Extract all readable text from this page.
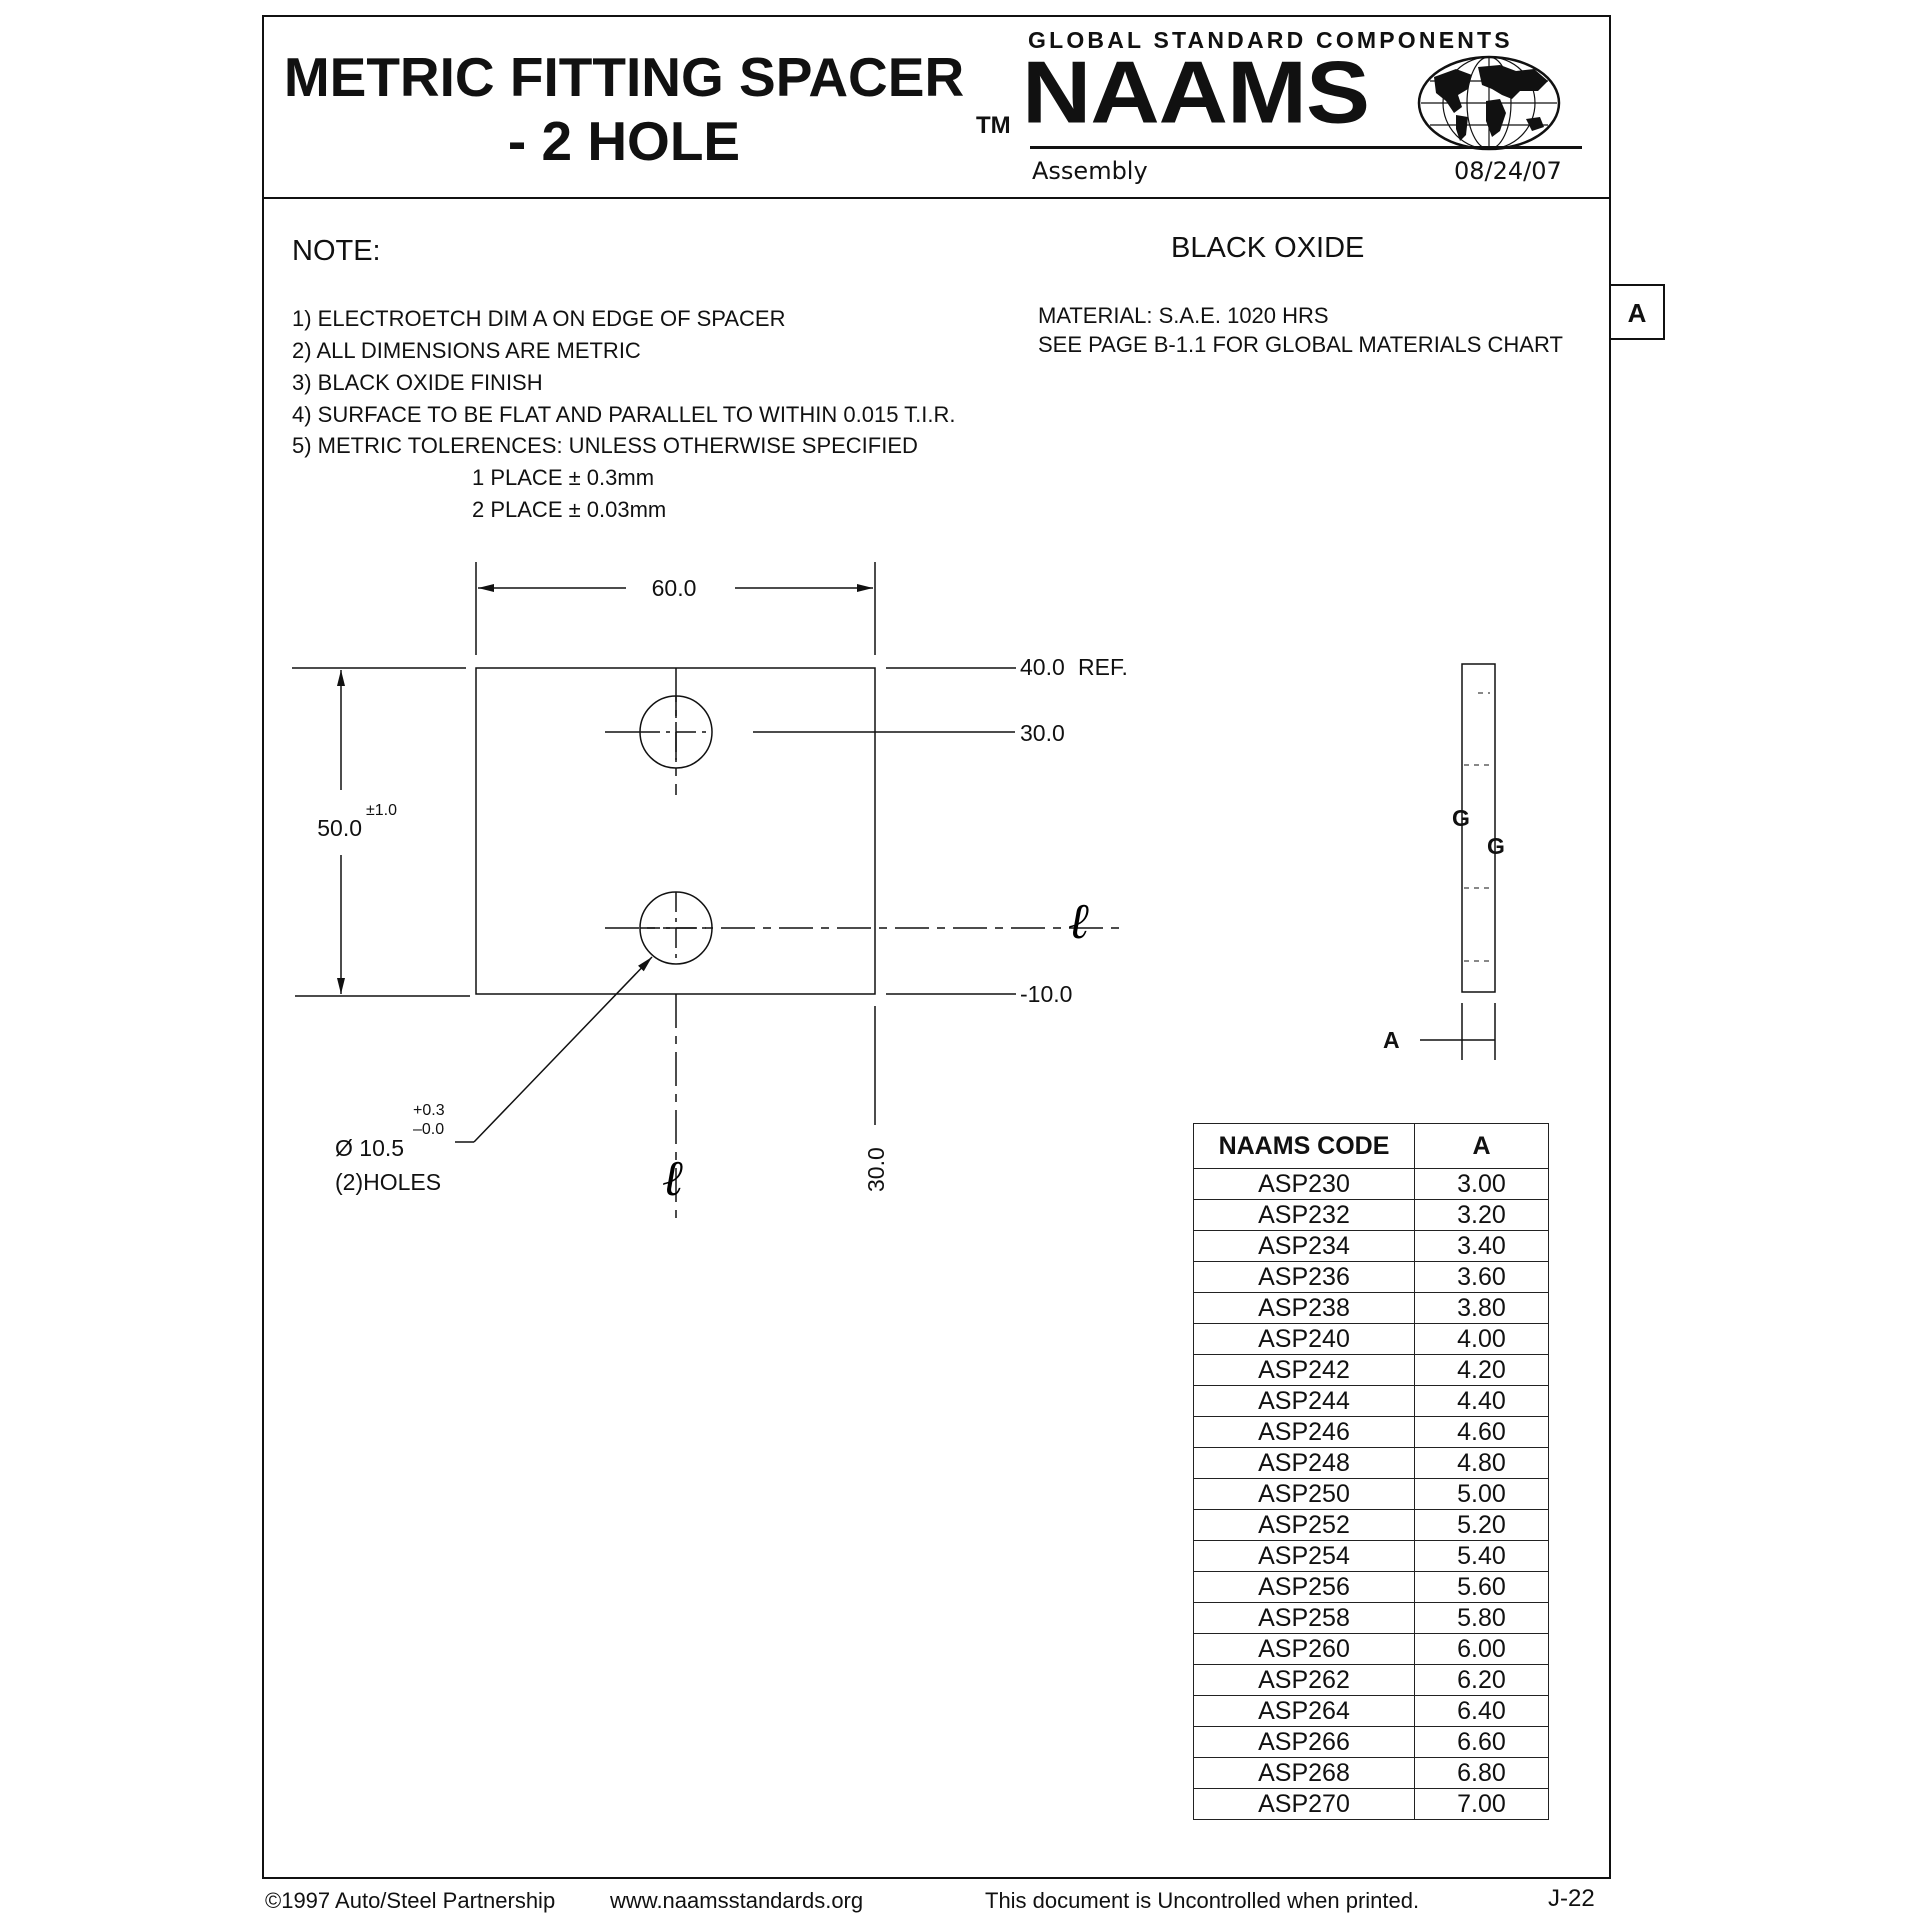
METRIC FITTING SPACER
- 2 HOLE	TM
GLOBAL STANDARD COMPONENTS
NAAMS
Assembly	08/24/07
NOTE:
1) ELECTROETCH DIM A ON EDGE OF SPACER
2) ALL DIMENSIONS ARE METRIC
3) BLACK OXIDE FINISH
4) SURFACE TO BE FLAT AND PARALLEL TO WITHIN 0.015 T.I.R.
5) METRIC TOLERENCES: UNLESS OTHERWISE SPECIFIED
1 PLACE ± 0.3mm
2 PLACE ± 0.03mm
BLACK OXIDE
MATERIAL: S.A.E. 1020 HRS
SEE PAGE B-1.1 FOR GLOBAL MATERIALS CHART
A
60.0
50.0
±1.0
40.0 REF.
30.0
-10.0
30.0
Ø 10.5
+0.3
–0.0
(2)HOLES
ℓ
ℓ
G
G
A
NAAMS CODE	A
ASP230	3.00
ASP232	3.20
ASP234	3.40
ASP236	3.60
ASP238	3.80
ASP240	4.00
ASP242	4.20
ASP244	4.40
ASP246	4.60
ASP248	4.80
ASP250	5.00
ASP252	5.20
ASP254	5.40
ASP256	5.60
ASP258	5.80
ASP260	6.00
ASP262	6.20
ASP264	6.40
ASP266	6.60
ASP268	6.80
ASP270	7.00
©1997 Auto/Steel Partnership www.naamsstandards.org	This document is Uncontrolled when printed.	J-22
